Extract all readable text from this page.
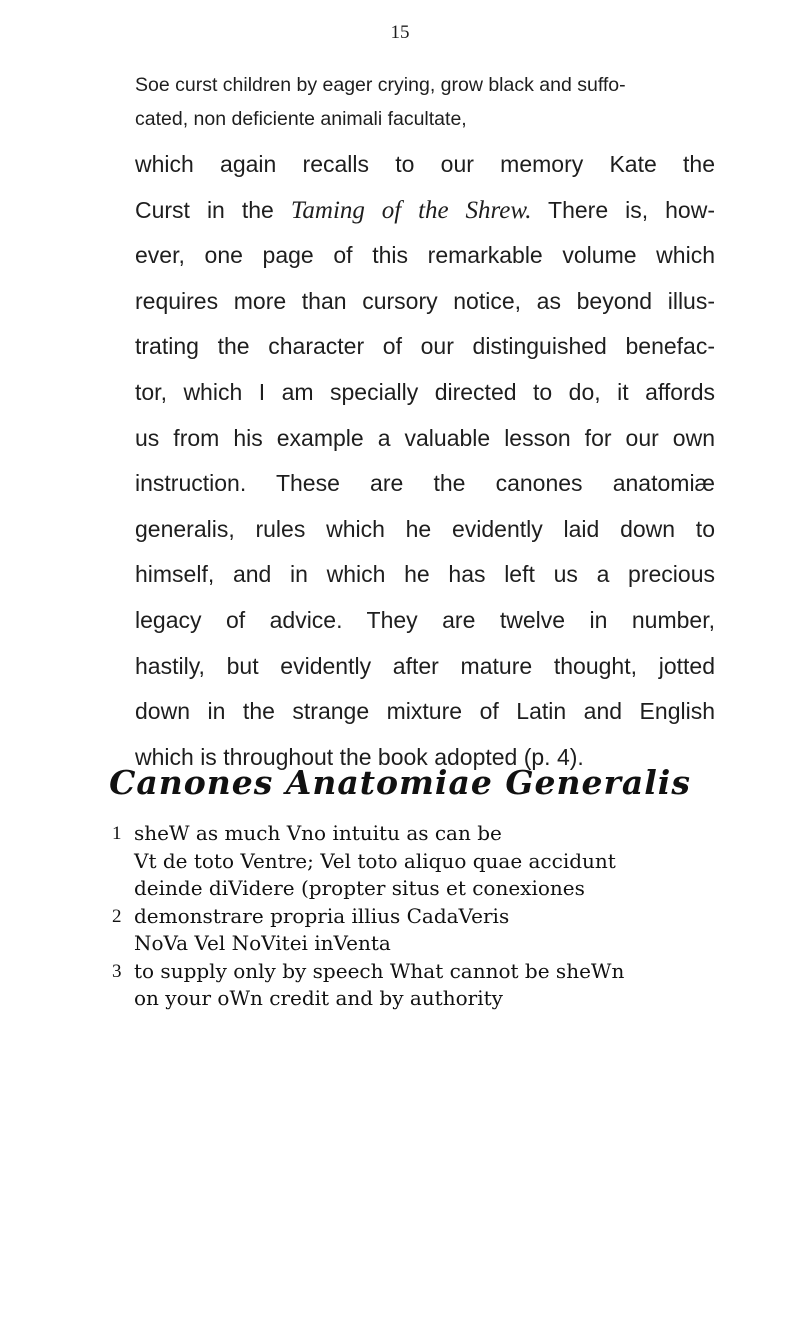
15
Soe curst children by eager crying, grow black and suffo-
cated, non deficiente animali facultate,
which again recalls to our memory Kate the
Curst in the Taming of the Shrew. There is, how-
ever, one page of this remarkable volume which
requires more than cursory notice, as beyond illus-
trating the character of our distinguished benefac-
tor, which I am specially directed to do, it affords
us from his example a valuable lesson for our own
instruction. These are the canones anatomiæ
generalis, rules which he evidently laid down to
himself, and in which he has left us a precious
legacy of advice. They are twelve in number,
hastily, but evidently after mature thought, jotted
down in the strange mixture of Latin and English
which is throughout the book adopted (p. 4).
Canones Anatomiae Generalis
1 sheW as much Vno intuitu as can be
Vt de toto Ventre; Vel toto aliquo quae accidunt
deinde diVidere (propter situs et conexiones
2 demonstrare propria illius CadaVeris
NoVa Vel NoVitei inVenta
3 to supply only by speech What cannot be sheWn
on your oWn credit and by authority
